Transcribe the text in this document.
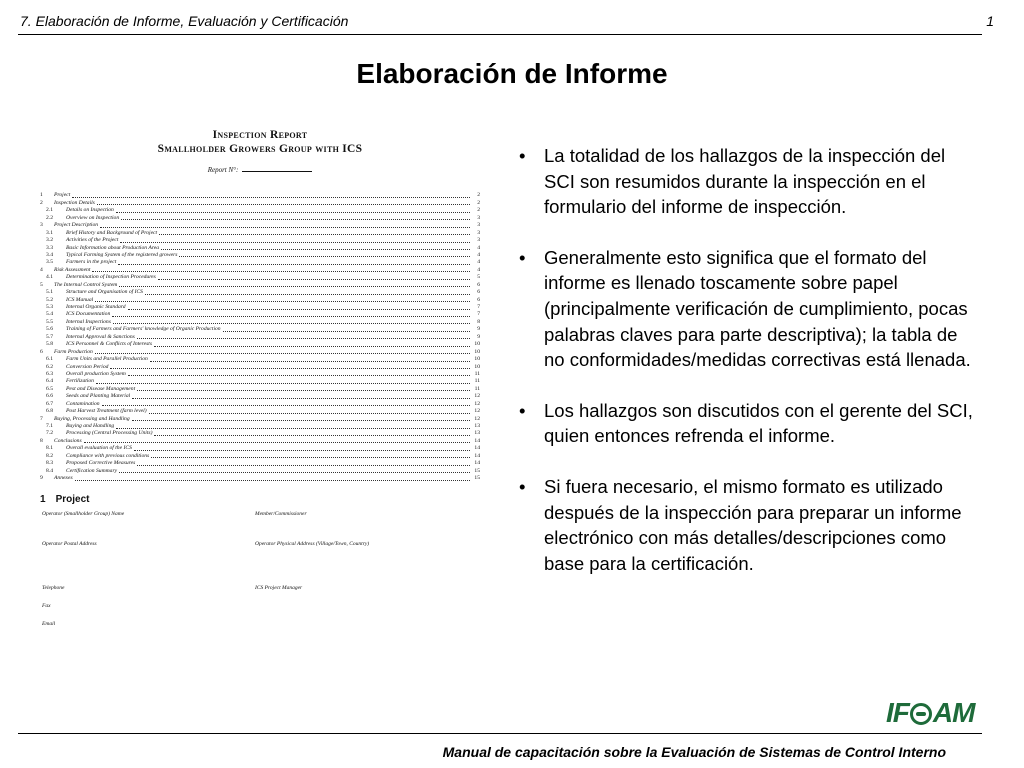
7. Elaboración de Informe, Evaluación y Certificación	1
Elaboración de Informe
Inspection Report
Smallholder Growers Group with ICS
Report N°:
1	Project	2
2	Inspection Details	2
2.1	Details on Inspection	2
2.2	Overview on Inspection	3
3	Project Description	3
3.1	Brief History and Background of Project	3
3.2	Activities of the Project	3
3.3	Basic Information about Production Area	4
3.4	Typical Farming System of the registered growers	4
3.5	Farmers in the project	4
4	Risk Assessment	4
4.1	Determination of Inspection Procedures	5
5	The Internal Control System	6
5.1	Structure and Organisation of ICS	6
5.2	ICS Manual	6
5.3	Internal Organic Standard	7
5.4	ICS Documentation	7
5.5	Internal Inspections	8
5.6	Training of Farmers and Farmers' knowledge of Organic Production	9
5.7	Internal Approval & Sanctions	9
5.8	ICS Personnel & Conflicts of Interests	10
6	Farm Production	10
6.1	Farm Units and Parallel Production	10
6.2	Conversion Period	10
6.3	Overall production System	11
6.4	Fertilization	11
6.5	Pest and Disease Management	11
6.6	Seeds and Planting Material	12
6.7	Contamination	12
6.8	Post Harvest Treatment (farm level)	12
7	Buying, Processing and Handling	12
7.1	Buying and Handling	13
7.2	Processing (Central Processing Units)	13
8	Conclusions	14
8.1	Overall evaluation of the ICS	14
8.2	Compliance with previous conditions	14
8.3	Proposed Corrective Measures	14
8.4	Certification Summary	15
9	Annexes	15
1 Project
Operator (Smallholder Group) Name	Member/Commissioner
Operator Postal Address	Operator Physical Address (Village/Town, Country)
Telephone	ICS Project Manager
Fax
Email
• La totalidad de los hallazgos de la inspección del SCI son resumidos durante la inspección en el formulario del informe de inspección.
• Generalmente esto significa que el formato del informe es llenado toscamente sobre papel (principalmente verificación de cumplimiento, pocas palabras claves para parte descriptiva); la tabla de no conformidades/medidas correctivas está llenada.
• Los hallazgos son discutidos con el gerente del SCI, quien entonces refrenda el informe.
• Si fuera necesario, el mismo formato es utilizado después de la inspección para preparar un informe electrónico con más detalles/descripciones como base para la certificación.
IF AM
Manual de capacitación sobre la Evaluación de Sistemas de Control Interno
